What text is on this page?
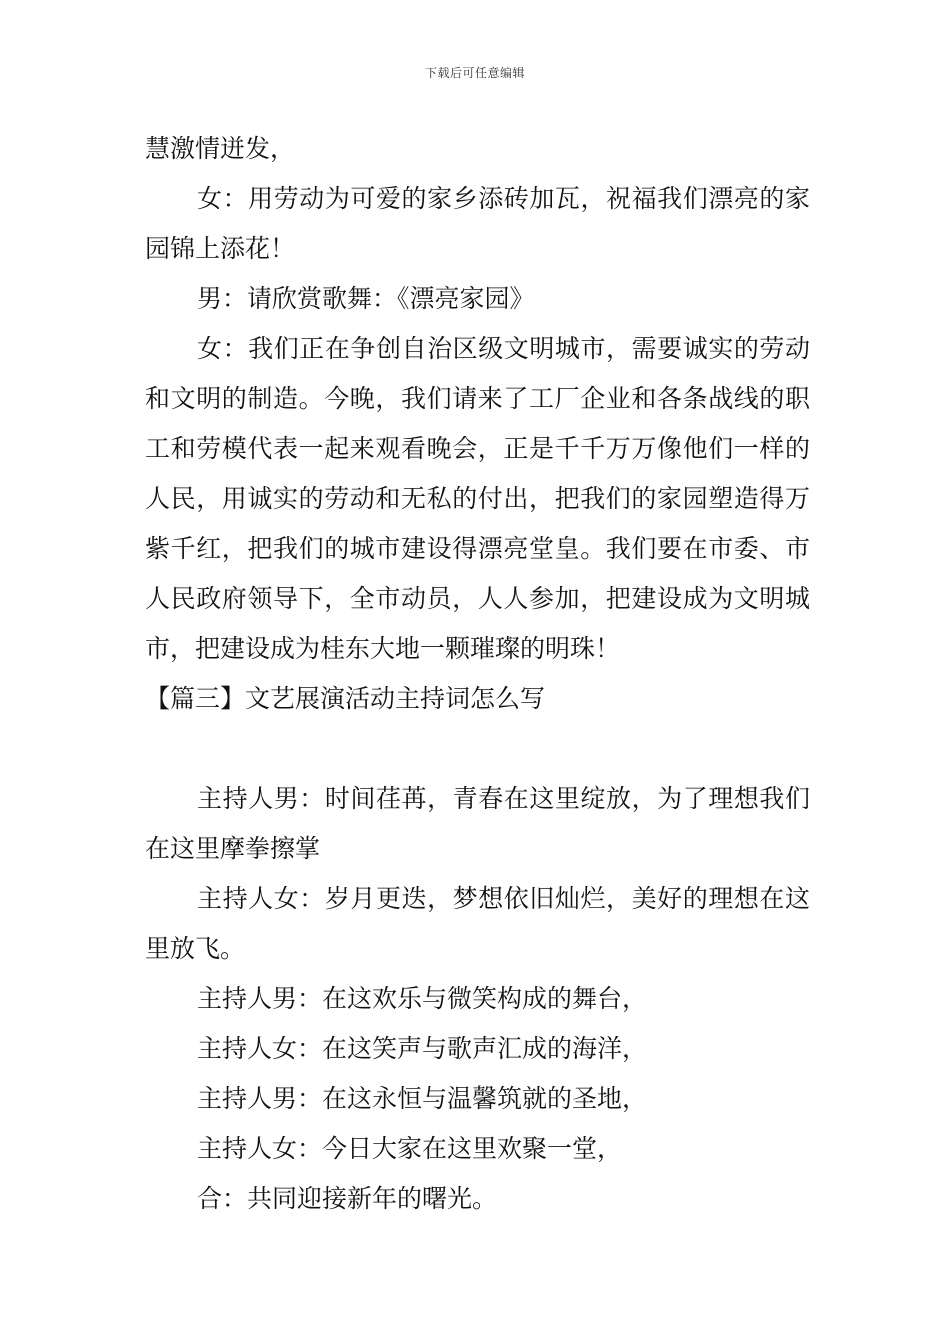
下载后可任意编辑

慧激情迸发，

女：用劳动为可爱的家乡添砖加瓦，祝福我们漂亮的家园锦上添花！

男：请欣赏歌舞：《漂亮家园》

女：我们正在争创自治区级文明城市，需要诚实的劳动和文明的制造。今晚，我们请来了工厂企业和各条战线的职工和劳模代表一起来观看晚会，正是千千万万像他们一样的人民，用诚实的劳动和无私的付出，把我们的家园塑造得万紫千红，把我们的城市建设得漂亮堂皇。我们要在市委、市人民政府领导下，全市动员，人人参加，把建设成为文明城市，把建设成为桂东大地一颗璀璨的明珠！

【篇三】文艺展演活动主持词怎么写

主持人男：时间荏苒，青春在这里绽放，为了理想我们在这里摩拳擦掌

主持人女：岁月更迭，梦想依旧灿烂，美好的理想在这里放飞。

主持人男：在这欢乐与微笑构成的舞台，

主持人女：在这笑声与歌声汇成的海洋，

主持人男：在这永恒与温馨筑就的圣地，

主持人女：今日大家在这里欢聚一堂，

合：共同迎接新年的曙光。
